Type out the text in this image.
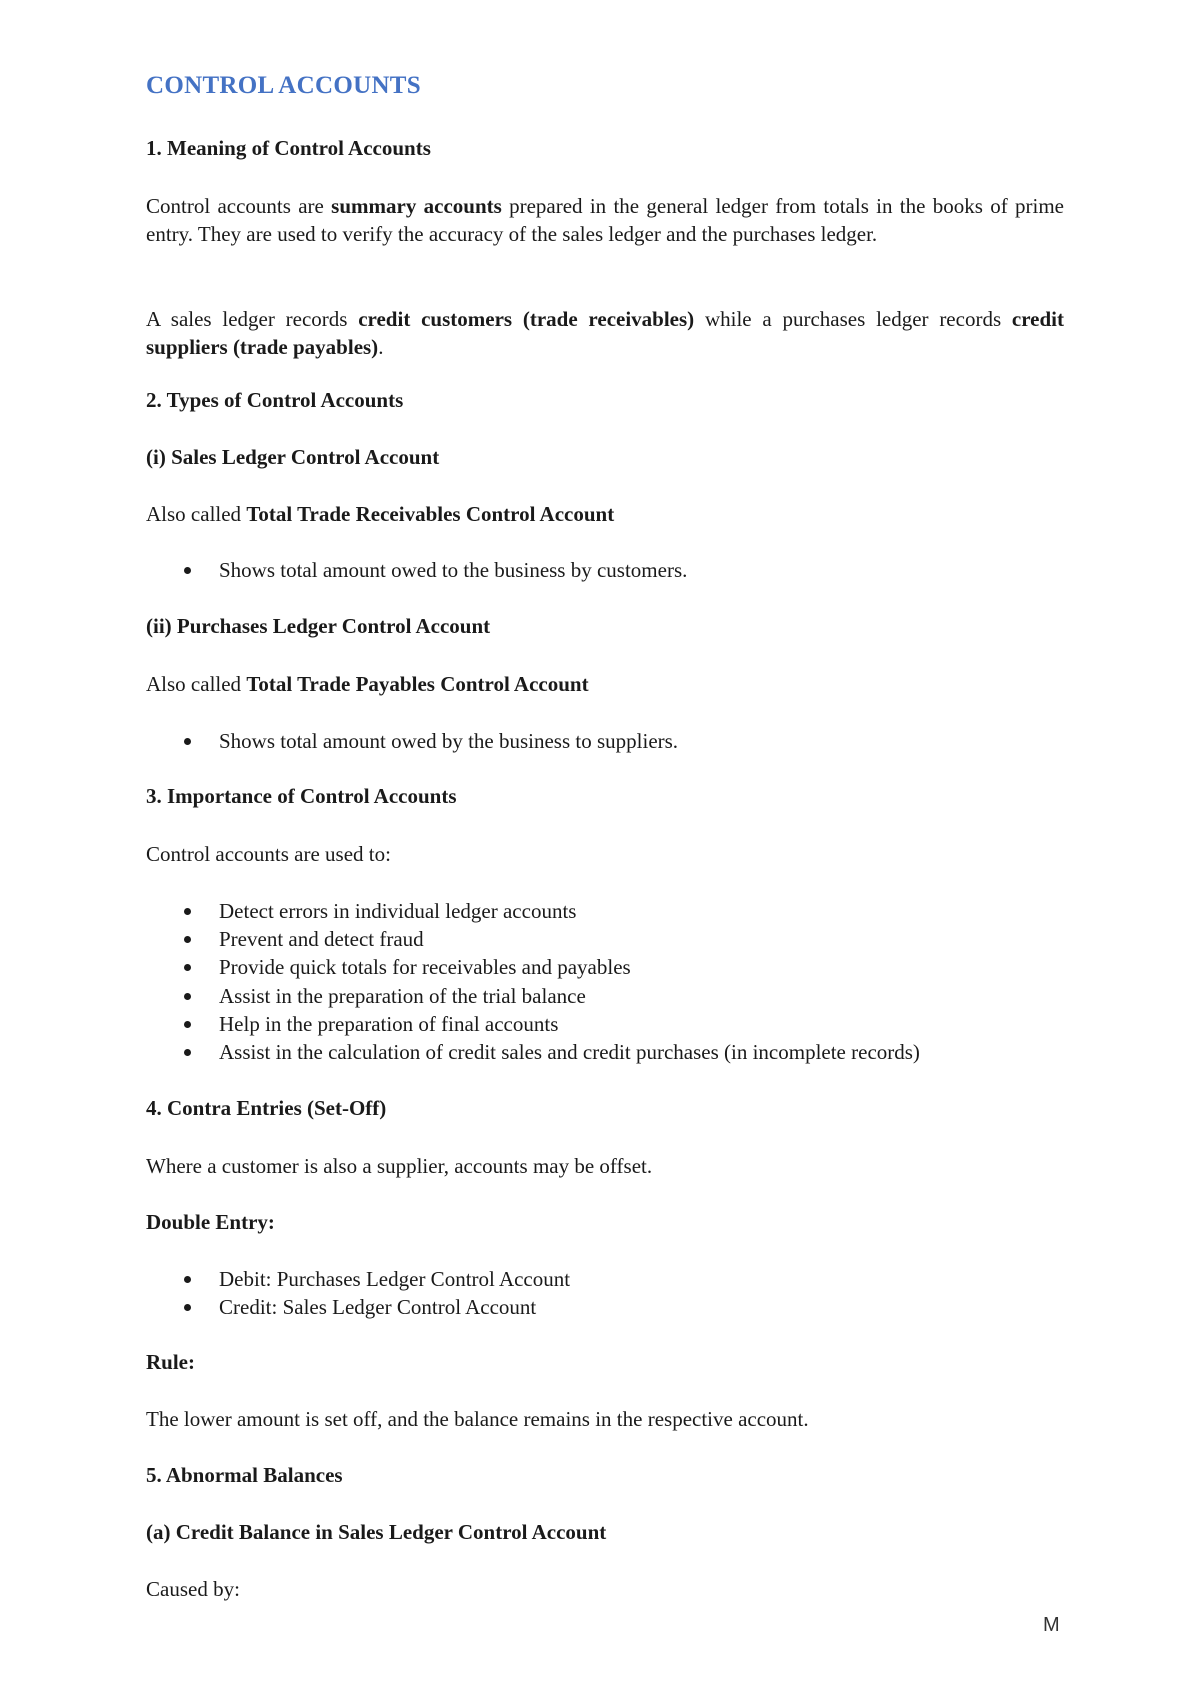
CONTROL ACCOUNTS
1. Meaning of Control Accounts

Control accounts are summary accounts prepared in the general ledger from totals in the books of prime entry. They are used to verify the accuracy of the sales ledger and the purchases ledger.

A sales ledger records credit customers (trade receivables) while a purchases ledger records credit suppliers (trade payables).

2. Types of Control Accounts
(i) Sales Ledger Control Account

Also called Total Trade Receivables Control Account

Shows total amount owed to the business by customers.
(ii) Purchases Ledger Control Account

Also called Total Trade Payables Control Account

Shows total amount owed by the business to suppliers.
3. Importance of Control Accounts

Control accounts are used to:

Detect errors in individual ledger accounts
Prevent and detect fraud
Provide quick totals for receivables and payables
Assist in the preparation of the trial balance
Help in the preparation of final accounts
Assist in the calculation of credit sales and credit purchases (in incomplete records)
4. Contra Entries (Set-Off)

Where a customer is also a supplier, accounts may be offset.

Double Entry:

Debit: Purchases Ledger Control Account
Credit: Sales Ledger Control Account

Rule:

The lower amount is set off, and the balance remains in the respective account.

5. Abnormal Balances
(a) Credit Balance in Sales Ledger Control Account

Caused by:

M
